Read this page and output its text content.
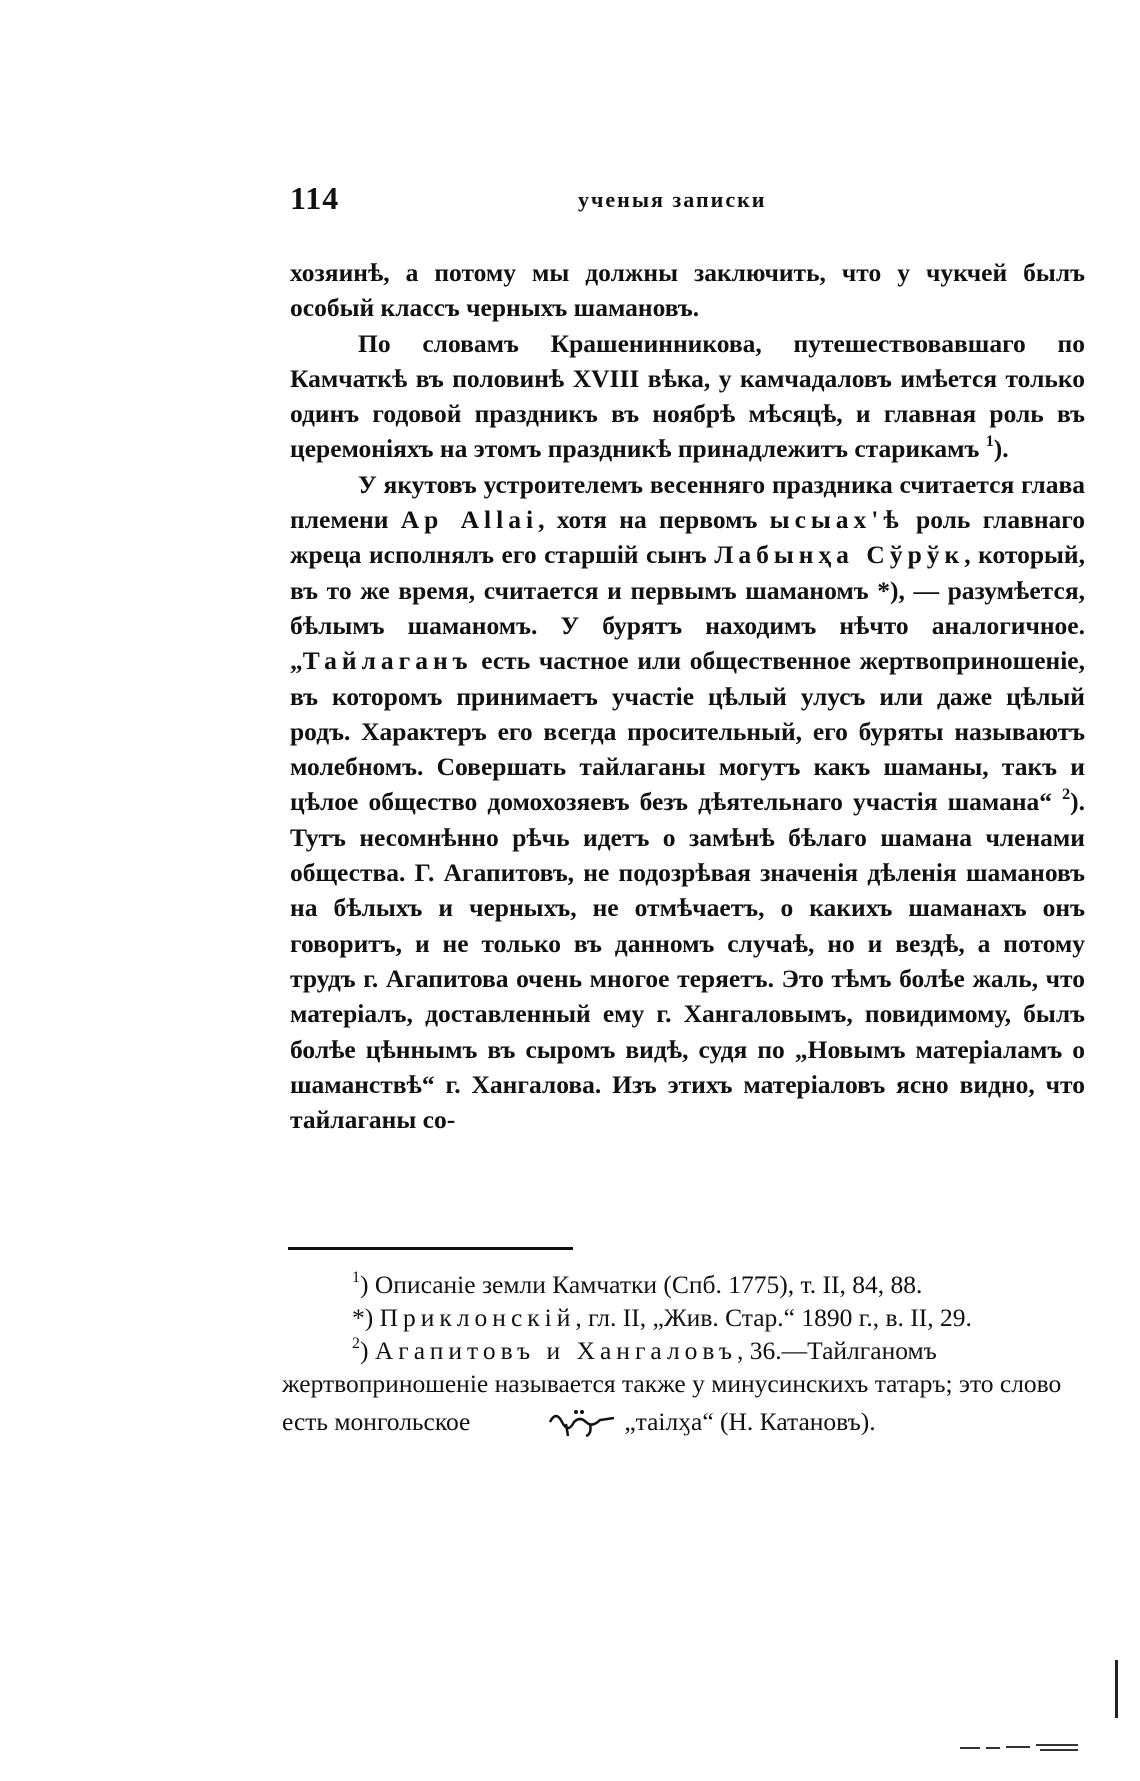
114	ученыя записки

хозяинѣ, а потому мы должны заключить, что у чукчей былъ особый классъ черныхъ шамановъ.

По словамъ Крашенинникова, путешествовавшаго по Камчаткѣ въ половинѣ XVIII вѣка, у камчадаловъ имѣется только одинъ годовой праздникъ въ ноябрѣ мѣсяцѣ, и главная роль въ церемоніяхъ на этомъ праздникѣ принадлежитъ старикамъ $^1$).

У якутовъ устроителемъ весенняго праздника считается глава племени Ар Аllаi, хотя на первомъ ысыах'ѣ роль главнаго жреца исполнялъ его старшій сынъ Лабынҳа Сўрўк, который, въ то же время, считается и первымъ шаманомъ *), — разумѣется, бѣлымъ шаманомъ. У бурятъ находимъ нѣчто аналогичное. „Тайлаганъ есть частное или общественное жертвоприношеніе, въ которомъ принимаетъ участіе цѣлый улусъ или даже цѣлый родъ. Характеръ его всегда просительный, его буряты называютъ молебномъ. Совершать тайлаганы могутъ какъ шаманы, такъ и цѣлое общество домохозяевъ безъ дѣятельнаго участія шамана“ $^2$). Тутъ несомнѣнно рѣчь идетъ о замѣнѣ бѣлаго шамана членами общества. Г. Агапитовъ, не подозрѣвая значенія дѣленія шамановъ на бѣлыхъ и черныхъ, не отмѣчаетъ, о какихъ шаманахъ онъ говоритъ, и не только въ данномъ случаѣ, но и вездѣ, а потому трудъ г. Агапитова очень многое теряетъ. Это тѣмъ болѣе жаль, что матеріалъ, доставленный ему г. Хангаловымъ, повидимому, былъ болѣе цѣннымъ въ сыромъ видѣ, судя по „Новымъ матеріаламъ о шаманствѣ“ г. Хангалова. Изъ этихъ матеріаловъ ясно видно, что тайлаганы со-

$^1$) Описаніе земли Камчатки (Спб. 1775), т. II, 84, 88.

*) Приклонскій, гл. II, „Жив. Стар.“ 1890 г., в. II, 29.

$^2$) Агапитовъ и Хангаловъ, 36.—Тайлганомъ жертвоприношеніе называется также у минусинскихъ татаръ; это слово есть монгольское	„таілӽа“ (Н. Катановъ).
